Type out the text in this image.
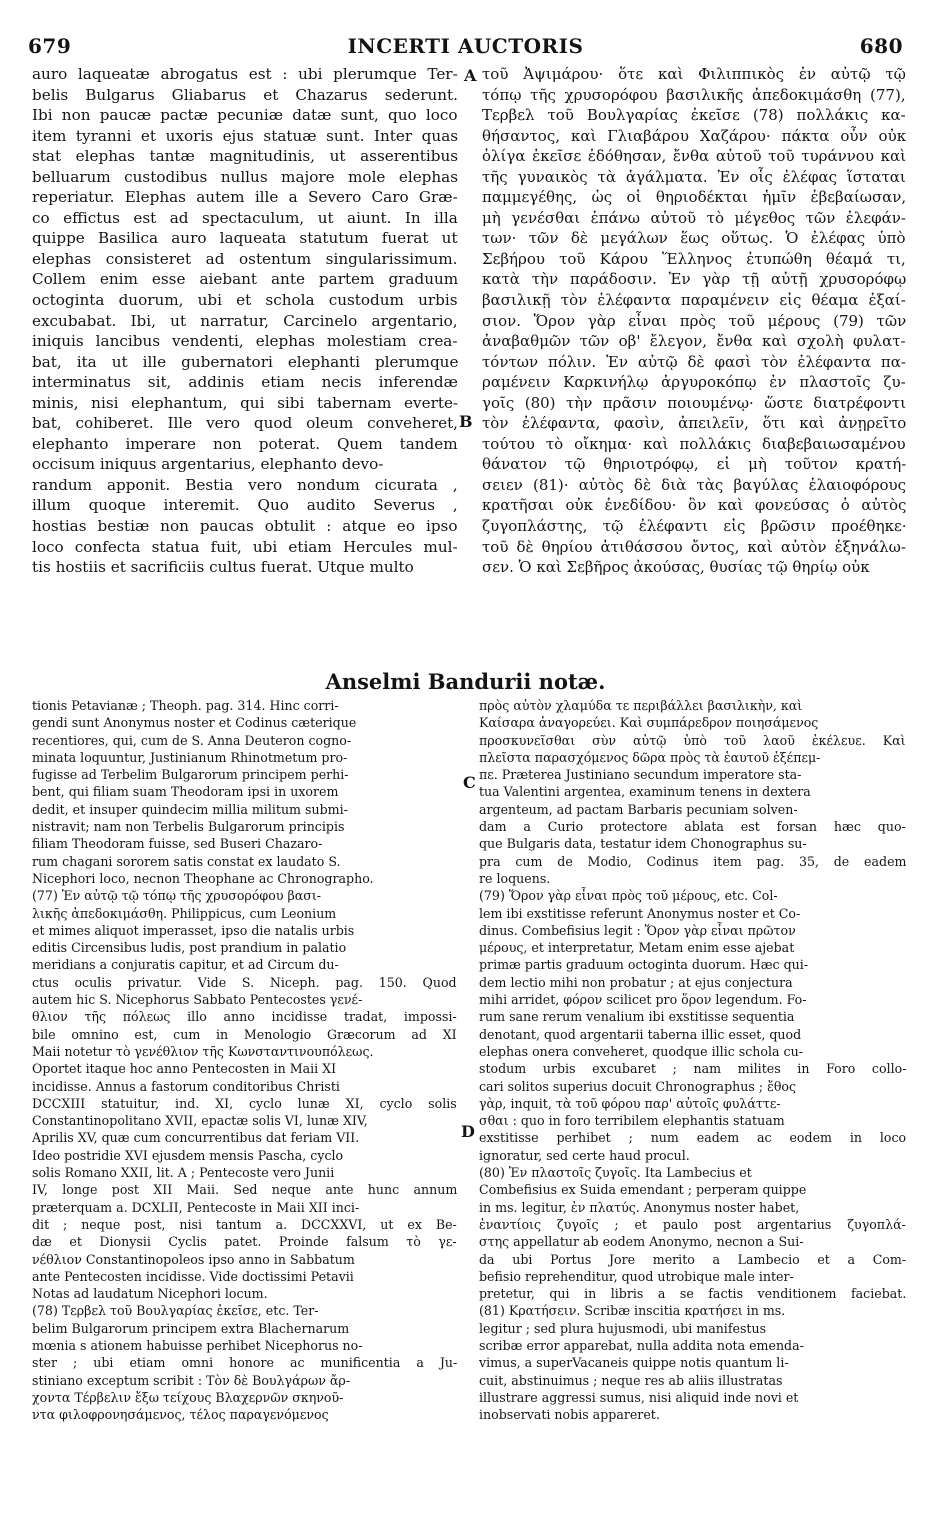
679	INCERTI AUCTORIS	680
auro laqueatæ abrogatus est : ubi plerumque Ter-
belis Bulgarus Gliabarus et Chazarus sederunt.
Ibi non paucæ pactæ pecuniæ datæ sunt, quo loco
item tyranni et uxoris ejus statuæ sunt. Inter quas
stat elephas tantæ magnitudinis, ut asserentibus
belluarum custodibus nullus majore mole elephas
reperiatur. Elephas autem ille a Severo Caro Græ-
co effictus est ad spectaculum, ut aiunt. In illa
quippe Basilica auro laqueata statutum fuerat ut
elephas consisteret ad ostentum singularissimum.
Collem enim esse aiebant ante partem graduum
octoginta duorum, ubi et schola custodum urbis
excubabat. Ibi, ut narratur, Carcinelo argentario,
iniquis lancibus vendenti, elephas molestiam crea-
bat, ita ut ille gubernatori elephanti plerumque
interminatus sit, addinis etiam necis inferendæ
minis, nisi elephantum, qui sibi tabernam everte-
bat, cohiberet. Ille vero quod oleum conveheret,
elephanto imperare non poterat. Quem tandem
occisum iniquus argentarius, elephanto devo-
randum apponit. Bestia vero nondum cicurata ,
illum quoque interemit. Quo audito Severus ,
hostias bestiæ non paucas obtulit : atque eo ipso
loco confecta statua fuit, ubi etiam Hercules mul-
tis hostiis et sacrificiis cultus fuerat. Utque multo
τοῦ Ἀψιμάρου· ὅτε καὶ Φιλιππικὸς ἐν αὐτῷ τῷ
τόπῳ τῆς χρυσορόφου βασιλικῆς ἀπεδοκιμάσθη (77),
Τερβελ τοῦ Βουλγαρίας ἐκεῖσε (78) πολλάκις κα-
θήσαντος, καὶ Γλιαβάρου Χαζάρου· πάκτα οὖν οὐκ
ὀλίγα ἐκεῖσε ἐδόθησαν, ἔνθα αὐτοῦ τοῦ τυράννου καὶ
τῆς γυναικὸς τὰ ἀγάλματα. Ἐν οἷς ἐλέφας ἵσταται
παμμεγέθης, ὡς οἱ θηριοδέκται ἡμῖν ἐβεβαίωσαν,
μὴ γενέσθαι ἐπάνω αὐτοῦ τὸ μέγεθος τῶν ἐλεφάν-
των· τῶν δὲ μεγάλων ἕως οὕτως. Ὁ ἐλέφας ὑπὸ
Σεβήρου τοῦ Κάρου Ἕλληνος ἐτυπώθη θέαμά τι,
κατὰ τὴν παράδοσιν. Ἐν γὰρ τῇ αὐτῇ χρυσορόφῳ
βασιλικῇ τὸν ἐλέφαντα παραμένειν εἰς θέαμα ἐξαί-
σιον. Ὅρον γὰρ εἶναι πρὸς τοῦ μέρους (79) τῶν
ἀναβαθμῶν τῶν οβ' ἔλεγον, ἔνθα καὶ σχολὴ φυλατ-
τόντων πόλιν. Ἐν αὐτῷ δὲ φασὶ τὸν ἐλέφαντα πα-
ραμένειν Καρκινήλῳ ἀργυροκόπῳ ἐν πλαστοῖς ζυ-
γοῖς (80) τὴν πρᾶσιν ποιουμένῳ· ὥστε διατρέφοντι
τὸν ἐλέφαντα, φασὶν, ἀπειλεῖν, ὅτι καὶ ἀνῃρεῖτο
τούτου τὸ οἴκημα· καὶ πολλάκις διαβεβαιωσαμένου
θάνατον τῷ θηριοτρόφῳ, εἰ μὴ τοῦτον κρατή-
σειεν (81)· αὐτὸς δὲ διὰ τὰς βαγύλας ἐλαιοφόρους
κρατῆσαι οὐκ ἐνεδίδου· ὃν καὶ φονεύσας ὁ αὐτὸς
ζυγοπλάστης, τῷ ἐλέφαντι εἰς βρῶσιν προέθηκε·
τοῦ δὲ θηρίου ἀτιθάσσου ὄντος, καὶ αὐτὸν ἐξηνάλω-
σεν. Ὁ καὶ Σεβῆρος ἀκούσας, θυσίας τῷ θηρίῳ οὐκ
A
B
C
D
Anselmi Bandurii notæ.
tionis Petavianæ ; Theoph. pag. 314. Hinc corri-
gendi sunt Anonymus noster et Codinus cæterique
recentiores, qui, cum de S. Anna Deuteron cogno-
minata loquuntur, Justinianum Rhinotmetum pro-
fugisse ad Terbelim Bulgarorum principem perhi-
bent, qui filiam suam Theodoram ipsi in uxorem
dedit, et insuper quindecim millia militum submi-
nistravit; nam non Terbelis Bulgarorum principis
filiam Theodoram fuisse, sed Buseri Chazaro-
rum chagani sororem satis constat ex laudato S.
Nicephori loco, necnon Theophane ac Chronographo.
(77) Ἐν αὐτῷ τῷ τόπῳ τῆς χρυσορόφου βασι-
λικῆς ἀπεδοκιμάσθη. Philippicus, cum Leonium
et mimes aliquot imperasset, ipso die natalis urbis
editis Circensibus ludis, post prandium in palatio
meridians a conjuratis capitur, et ad Circum du-
ctus oculis privatur. Vide S. Niceph. pag. 150. Quod
autem hic S. Nicephorus Sabbato Pentecostes γενέ-
θλιον τῆς πόλεως illo anno incidisse tradat, impossi-
bile omnino est, cum in Menologio Græcorum ad XI
Maii notetur τὸ γενέθλιον τῆς Κωνσταντινουπόλεως.
Oportet itaque hoc anno Pentecosten in Maii XI
incidisse. Annus a fastorum conditoribus Christi
DCCXIII statuitur, ind. XI, cyclo lunæ XI, cyclo solis
Constantinopolitano XVII, epactæ solis VI, lunæ XIV,
Aprilis XV, quæ cum concurrentibus dat feriam VII.
Ideo postridie XVI ejusdem mensis Pascha, cyclo
solis Romano XXII, lit. A ; Pentecoste vero Junii
IV, longe post XII Maii. Sed neque ante hunc annum
præterquam a. DCXLII, Pentecoste in Maii XII inci-
dit ; neque post, nisi tantum a. DCCXXVI, ut ex Be-
dæ et Dionysii Cyclis patet. Proinde falsum τὸ γε-
νέθλιον Constantinopoleos ipso anno in Sabbatum
ante Pentecosten incidisse. Vide doctissimi Petavii
Notas ad laudatum Nicephori locum.
(78) Τερβελ τοῦ Βουλγαρίας ἐκεῖσε, etc. Ter-
belim Bulgarorum principem extra Blachernarum
mœnia s ationem habuisse perhibet Nicephorus no-
ster ; ubi etiam omni honore ac munificentia a Ju-
stiniano exceptum scribit : Τὸν δὲ Βουλγάρων ἄρ-
χοντα Τέρβελιν ἔξω τείχους Βλαχερνῶν σκηνοῦ-
ντα φιλοφρονησάμενος, τέλος παραγενόμενος
πρὸς αὐτὸν χλαμύδα τε περιβάλλει βασιλικὴν, καὶ
Καίσαρα ἀναγορεύει. Καὶ συμπάρεδρον ποιησάμενος
προσκυνεῖσθαι σὺν αὐτῷ ὑπὸ τοῦ λαοῦ ἐκέλευε. Καὶ
πλεῖστα παρασχόμενος δῶρα πρὸς τὰ ἑαυτοῦ ἐξέπεμ-
πε. Præterea Justiniano secundum imperatore sta-
tua Valentini argentea, examinum tenens in dextera
argenteum, ad pactam Barbaris pecuniam solven-
dam a Curio protectore ablata est forsan hæc quo-
que Bulgaris data, testatur idem Chonographus su-
pra cum de Modio, Codinus item pag. 35, de eadem
re loquens.
(79) Ὅρον γὰρ εἶναι πρὸς τοῦ μέρους, etc. Col-
lem ibi exstitisse referunt Anonymus noster et Co-
dinus. Combefisius legit : Ὅρον γὰρ εἶναι πρῶτον
μέρους, et interpretatur, Metam enim esse ajebat
primæ partis graduum octoginta duorum. Hæc qui-
dem lectio mihi non probatur ; at ejus conjectura
mihi arridet, φόρον scilicet pro ὅρον legendum. Fo-
rum sane rerum venalium ibi exstitisse sequentia
denotant, quod argentarii taberna illic esset, quod
elephas onera conveheret, quodque illic schola cu-
stodum urbis excubaret ; nam milites in Foro collo-
cari solitos superius docuit Chronographus ; ἔθος
γὰρ, inquit, τὰ τοῦ φόρου παρ' αὐτοῖς φυλάττε-
σθαι : quo in foro terribilem elephantis statuam
exstitisse perhibet ; num eadem ac eodem in loco
ignoratur, sed certe haud procul.
(80) Ἐν πλαστοῖς ζυγοῖς. Ita Lambecius et
Combefisius ex Suida emendant ; perperam quippe
in ms. legitur, ἐν πλατύς. Anonymus noster habet,
ἐναντίοις ζυγοῖς ; et paulo post argentarius ζυγοπλά-
στης appellatur ab eodem Anonymo, necnon a Sui-
da ubi Portus Jore merito a Lambecio et a Com-
befisio reprehenditur, quod utrobique male inter-
pretetur, qui in libris a se factis venditionem faciebat.
(81) Κρατήσειν. Scribæ inscitia κρατήσει in ms.
legitur ; sed plura hujusmodi, ubi manifestus
scribæ error apparebat, nulla addita nota emenda-
vimus, a superVacaneis quippe notis quantum li-
cuit, abstinuimus ; neque res ab aliis illustratas
illustrare aggressi sumus, nisi aliquid inde novi et
inobservati nobis appareret.
